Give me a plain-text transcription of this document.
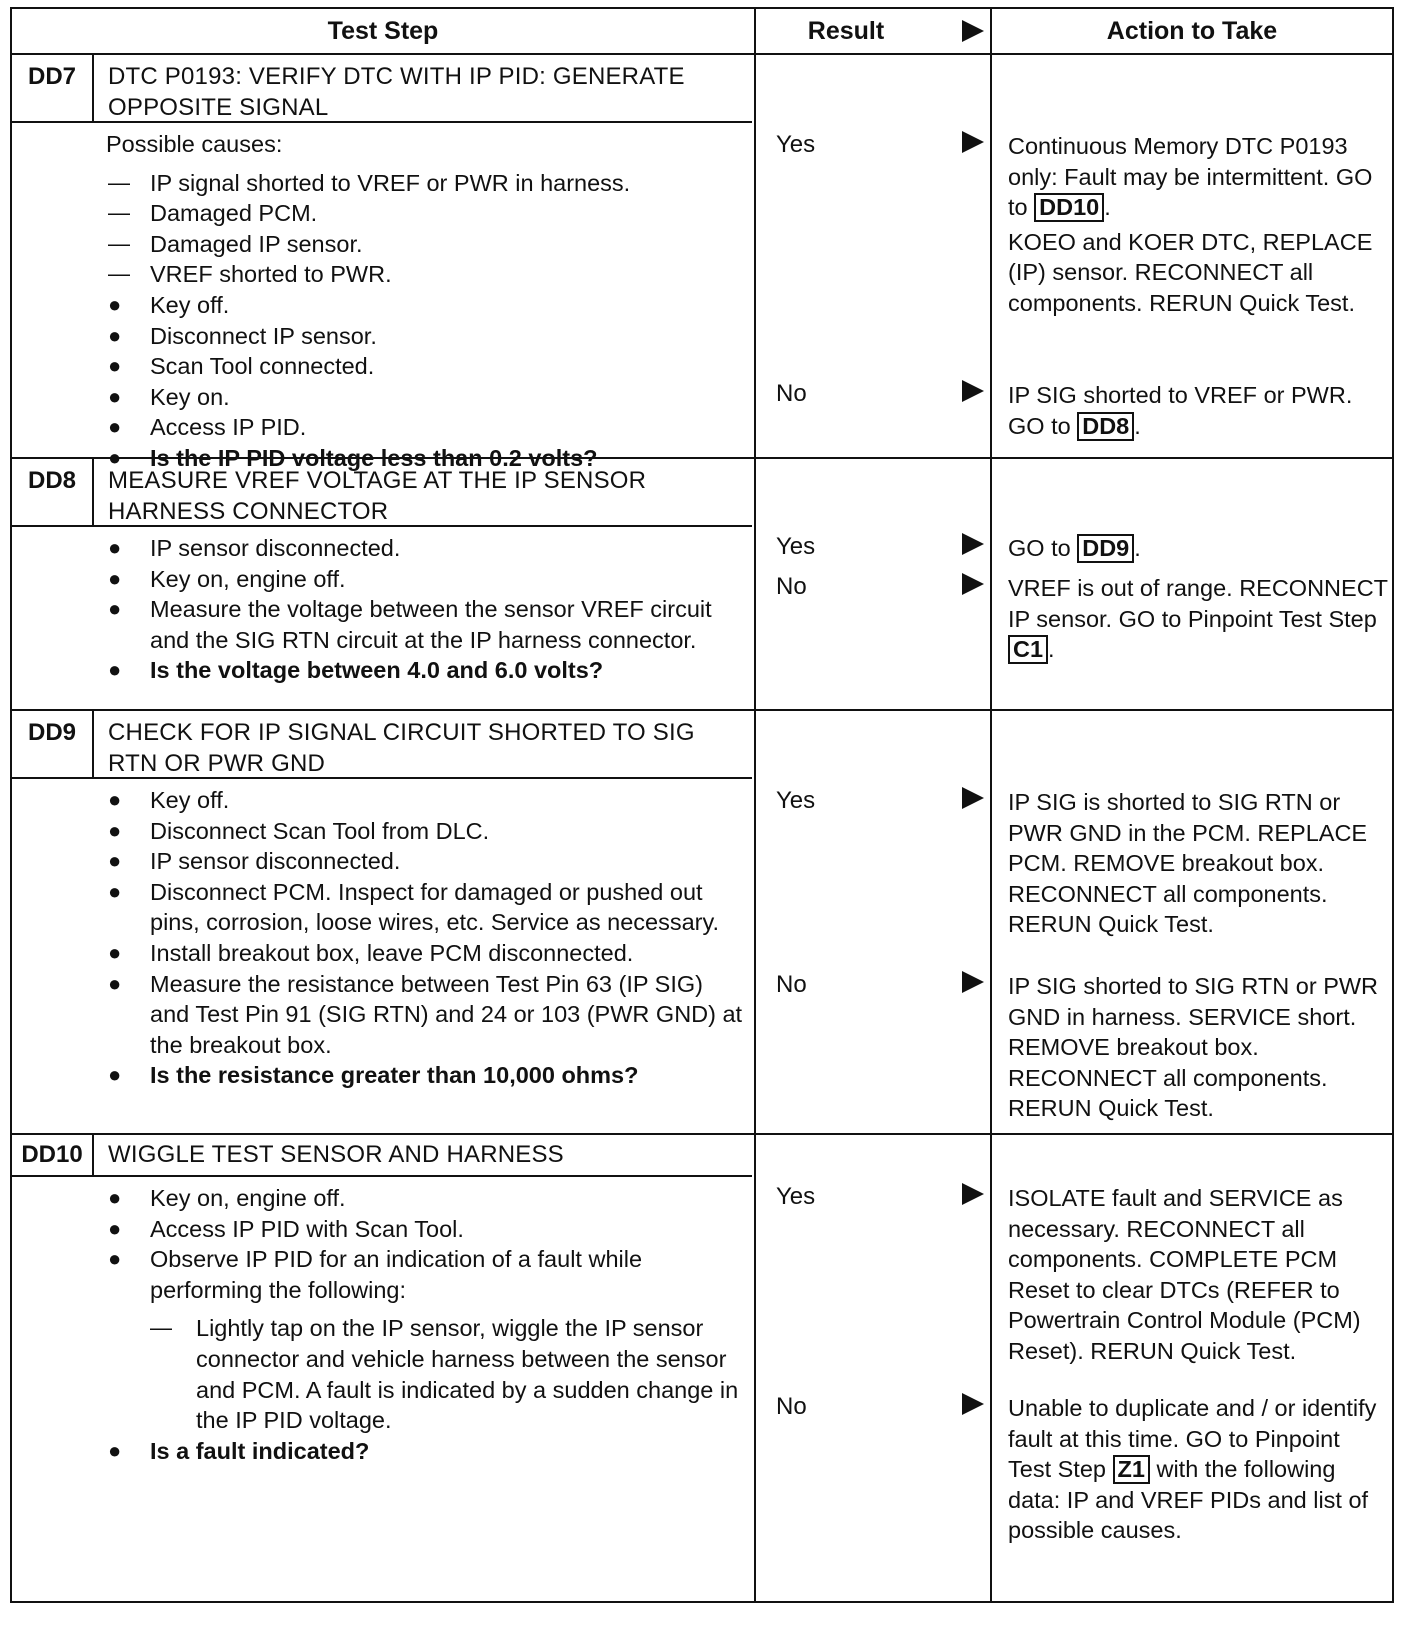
Test Step	Result	Action to Take
DD7	DTC P0193: VERIFY DTC WITH IP PID: GENERATE OPPOSITE SIGNAL
Possible causes:
— IP signal shorted to VREF or PWR in harness.
— Damaged PCM.
— Damaged IP sensor.
— VREF shorted to PWR.
●	Key off.
●	Disconnect IP sensor.
●	Scan Tool connected.
●	Key on.
●	Access IP PID.
●	Is the IP PID voltage less than 0.2 volts?
Yes	Continuous Memory DTC P0193 only: Fault may be intermittent. GO to DD10 .
KOEO and KOER DTC, REPLACE (IP) sensor. RECONNECT all components. RERUN Quick Test.
No	IP SIG shorted to VREF or PWR. GO to DD8 .
DD8	MEASURE VREF VOLTAGE AT THE IP SENSOR HARNESS CONNECTOR
●	IP sensor disconnected.
●	Key on, engine off.
●	Measure the voltage between the sensor VREF circuit and the SIG RTN circuit at the IP harness connector.
●	Is the voltage between 4.0 and 6.0 volts?
Yes	GO to DD9 .
No	VREF is out of range. RECONNECT IP sensor. GO to Pinpoint Test Step C1 .
DD9	CHECK FOR IP SIGNAL CIRCUIT SHORTED TO SIG RTN OR PWR GND
●	Key off.
●	Disconnect Scan Tool from DLC.
●	IP sensor disconnected.
●	Disconnect PCM. Inspect for damaged or pushed out pins, corrosion, loose wires, etc. Service as necessary.
●	Install breakout box, leave PCM disconnected.
●	Measure the resistance between Test Pin 63 (IP SIG) and Test Pin 91 (SIG RTN) and 24 or 103 (PWR GND) at the breakout box.
●	Is the resistance greater than 10,000 ohms?
Yes	IP SIG is shorted to SIG RTN or PWR GND in the PCM. REPLACE PCM. REMOVE breakout box. RECONNECT all components. RERUN Quick Test.
No	IP SIG shorted to SIG RTN or PWR GND in harness. SERVICE short. REMOVE breakout box. RECONNECT all components. RERUN Quick Test.
DD10	WIGGLE TEST SENSOR AND HARNESS
●	Key on, engine off.
●	Access IP PID with Scan Tool.
●	Observe IP PID for an indication of a fault while performing the following:
—	Lightly tap on the IP sensor, wiggle the IP sensor connector and vehicle harness between the sensor and PCM. A fault is indicated by a sudden change in the IP PID voltage.
●	Is a fault indicated?
Yes	ISOLATE fault and SERVICE as necessary. RECONNECT all components. COMPLETE PCM Reset to clear DTCs (REFER to Powertrain Control Module (PCM) Reset). RERUN Quick Test.
No	Unable to duplicate and / or identify fault at this time. GO to Pinpoint Test Step Z1 with the following data: IP and VREF PIDs and list of possible causes.
